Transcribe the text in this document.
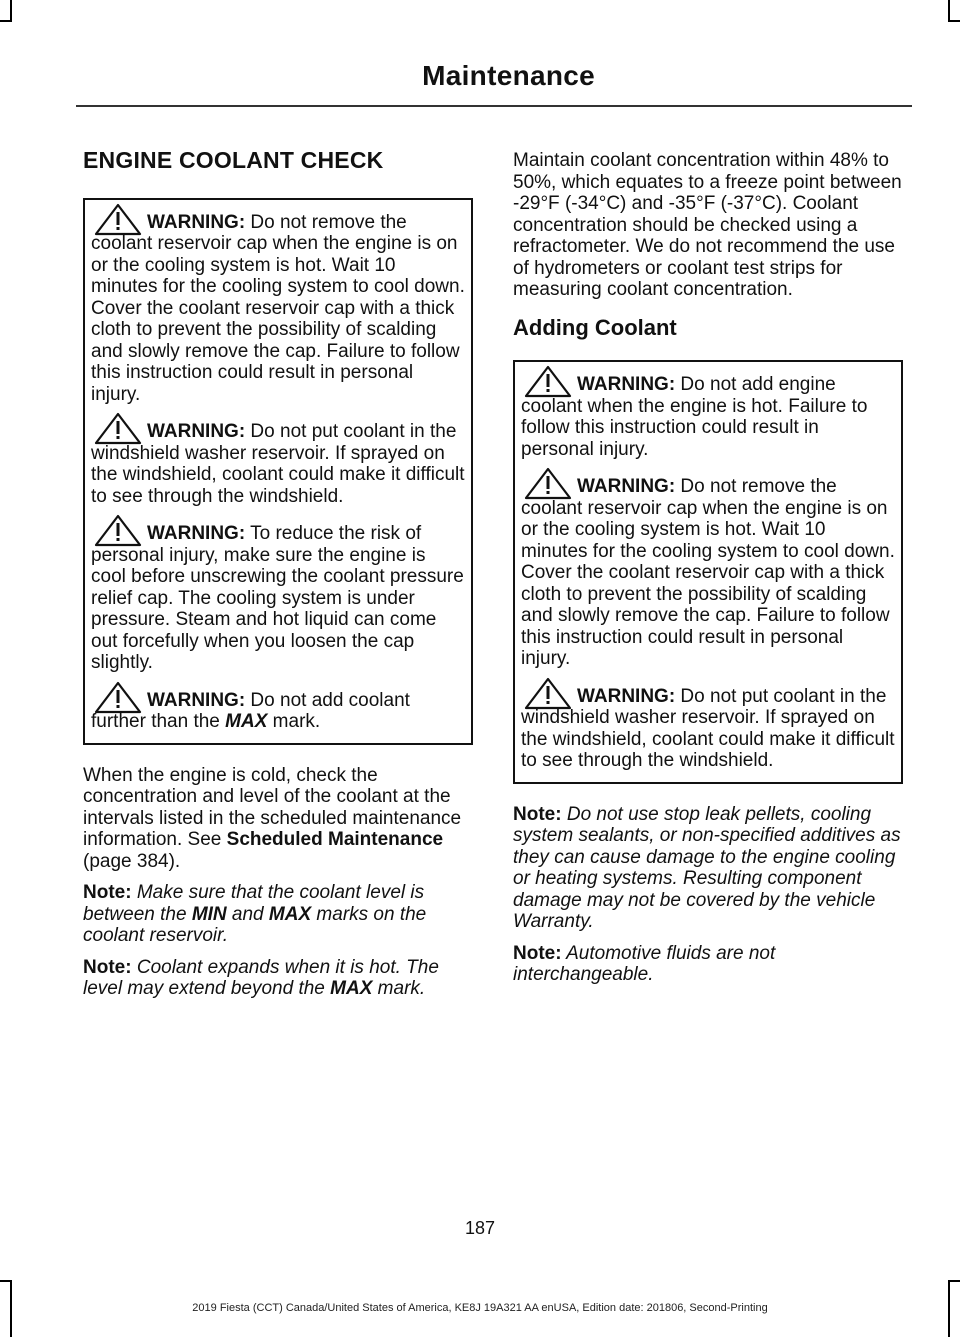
Maintenance
ENGINE COOLANT CHECK

WARNING: Do not remove the coolant reservoir cap when the engine is on or the cooling system is hot. Wait 10 minutes for the cooling system to cool down. Cover the coolant reservoir cap with a thick cloth to prevent the possibility of scalding and slowly remove the cap. Failure to follow this instruction could result in personal injury.

WARNING: Do not put coolant in the windshield washer reservoir. If sprayed on the windshield, coolant could make it difficult to see through the windshield.

WARNING: To reduce the risk of personal injury, make sure the engine is cool before unscrewing the coolant pressure relief cap. The cooling system is under pressure. Steam and hot liquid can come out forcefully when you loosen the cap slightly.

WARNING: Do not add coolant further than the MAX mark.

When the engine is cold, check the concentration and level of the coolant at the intervals listed in the scheduled maintenance information. See Scheduled Maintenance (page 384).

Note: Make sure that the coolant level is between the MIN and MAX marks on the coolant reservoir.

Note: Coolant expands when it is hot. The level may extend beyond the MAX mark.

Maintain coolant concentration within 48% to 50%, which equates to a freeze point between -29°F (-34°C) and -35°F (-37°C). Coolant concentration should be checked using a refractometer. We do not recommend the use of hydrometers or coolant test strips for measuring coolant concentration.

Adding Coolant

WARNING: Do not add engine coolant when the engine is hot. Failure to follow this instruction could result in personal injury.

WARNING: Do not remove the coolant reservoir cap when the engine is on or the cooling system is hot. Wait 10 minutes for the cooling system to cool down. Cover the coolant reservoir cap with a thick cloth to prevent the possibility of scalding and slowly remove the cap. Failure to follow this instruction could result in personal injury.

WARNING: Do not put coolant in the windshield washer reservoir. If sprayed on the windshield, coolant could make it difficult to see through the windshield.

Note: Do not use stop leak pellets, cooling system sealants, or non-specified additives as they can cause damage to the engine cooling or heating systems. Resulting component damage may not be covered by the vehicle Warranty.

Note: Automotive fluids are not interchangeable.

187
2019 Fiesta (CCT) Canada/United States of America, KE8J 19A321 AA enUSA, Edition date: 201806, Second-Printing
